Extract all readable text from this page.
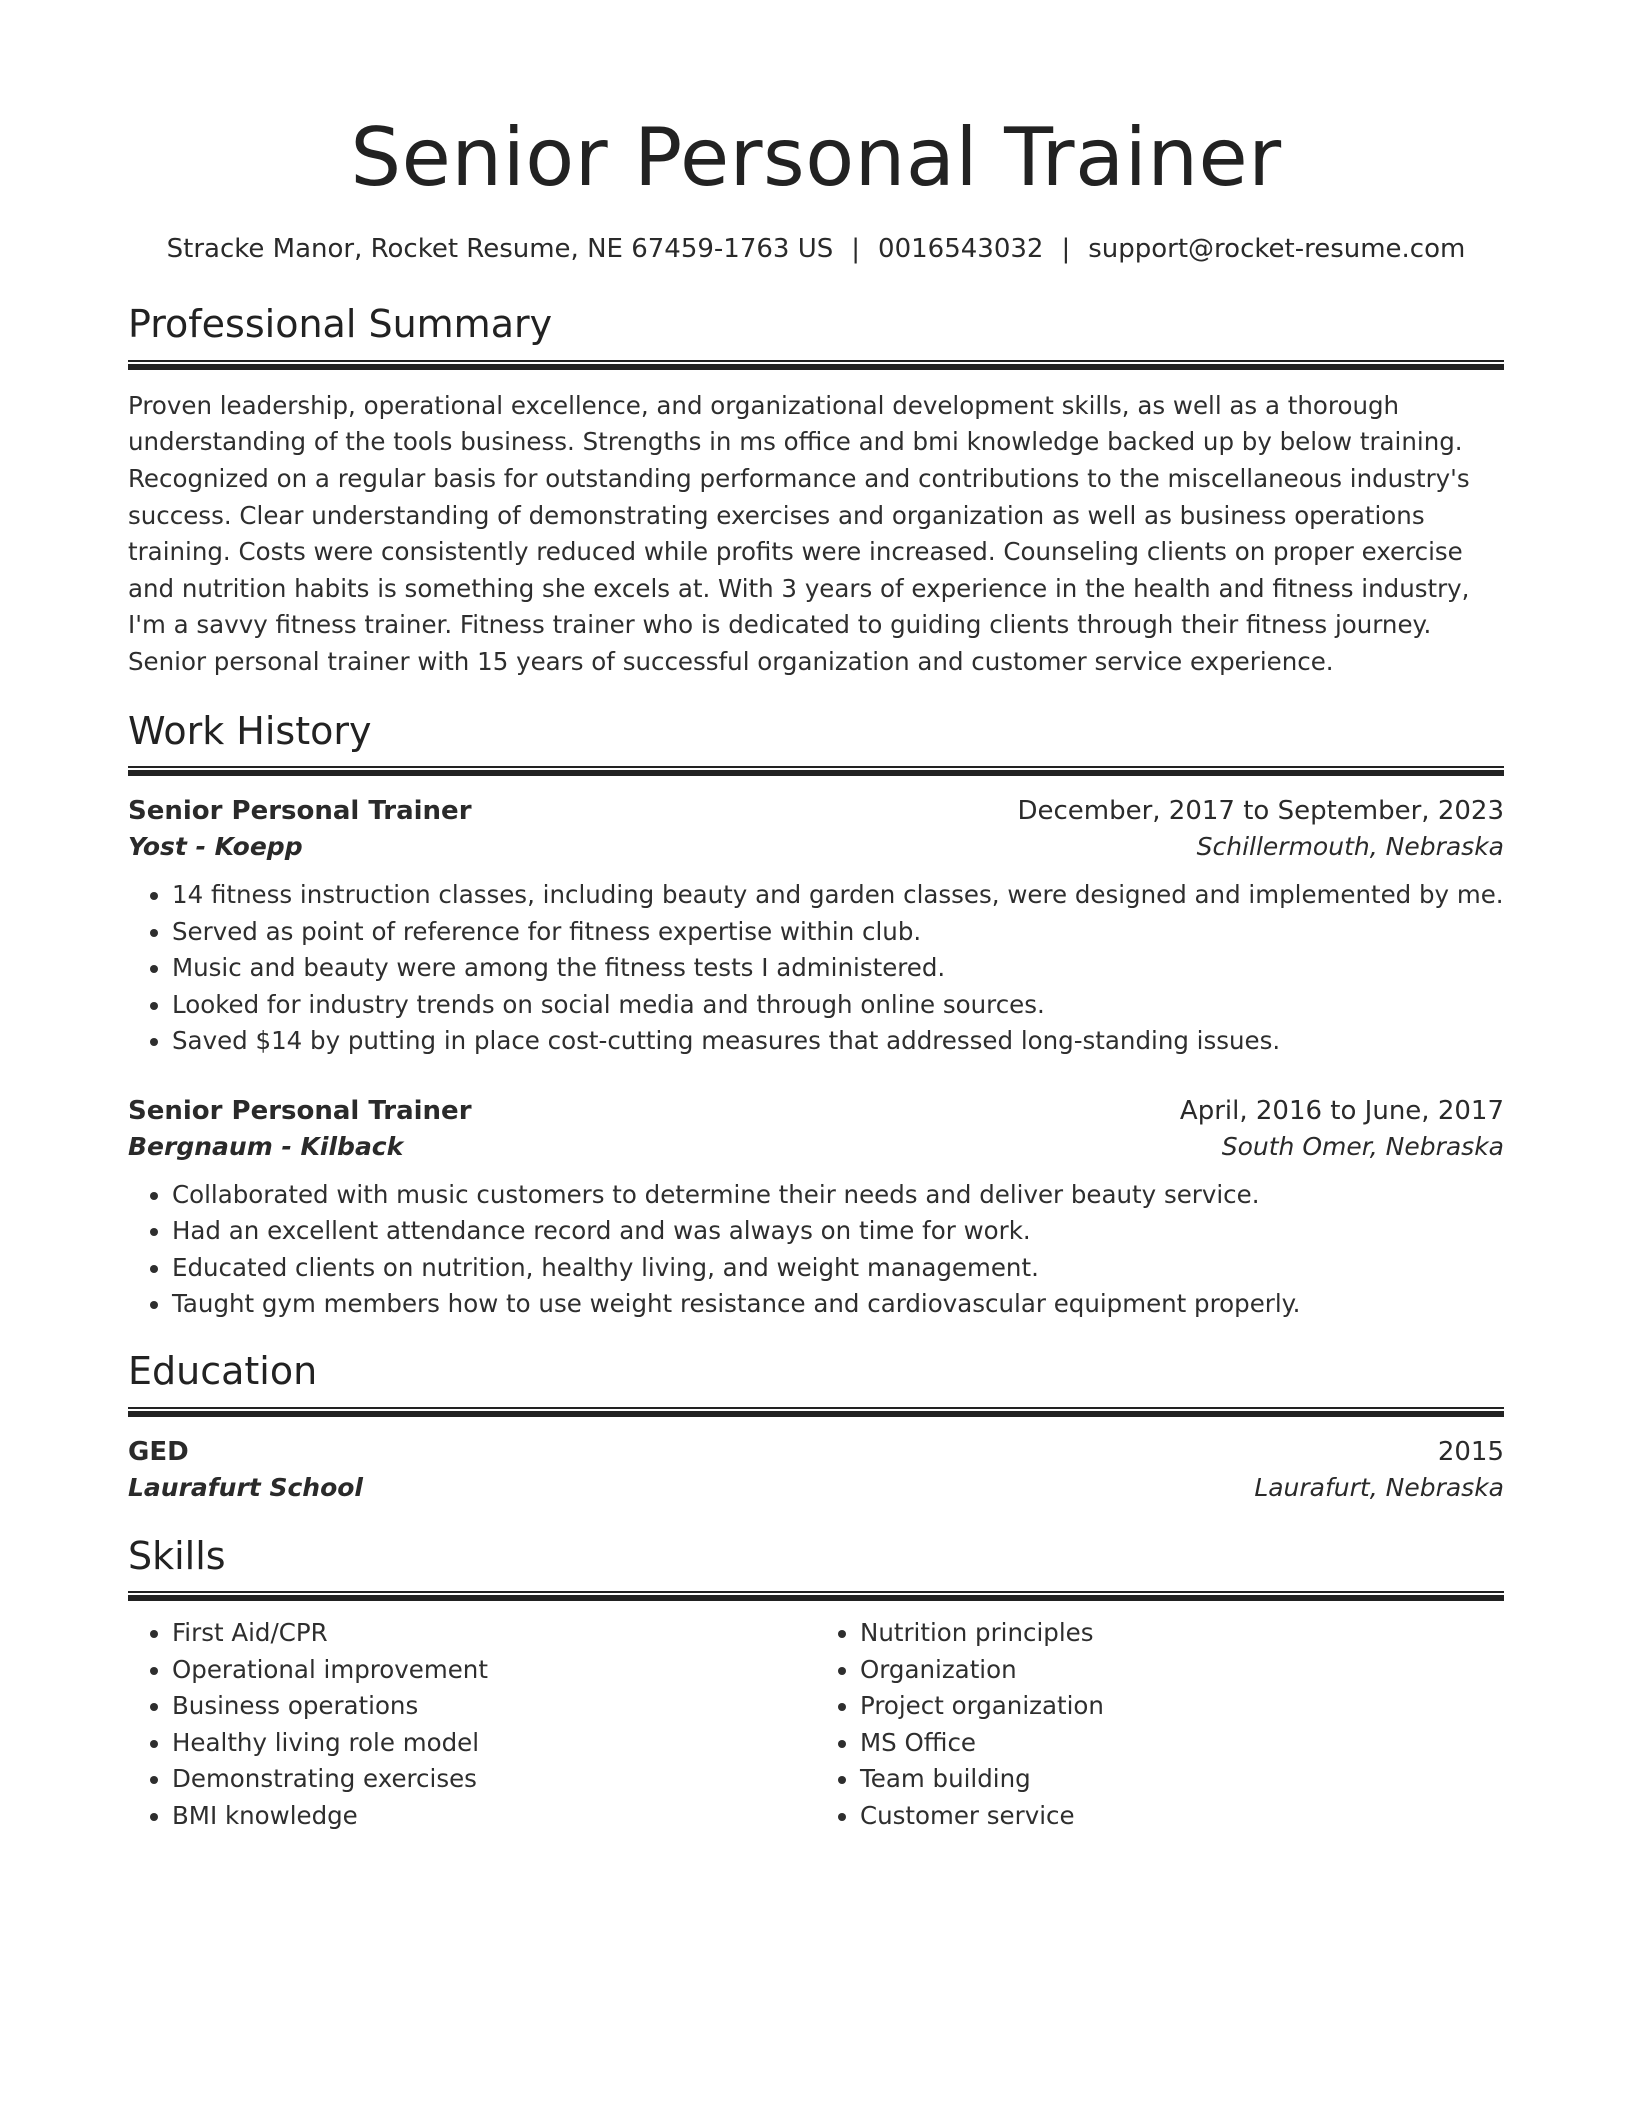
Senior Personal Trainer
Stracke Manor, Rocket Resume, NE 67459-1763 US | 0016543032 | support@rocket-resume.com
Professional Summary

Proven leadership, operational excellence, and organizational development skills, as well as a thorough understanding of the tools business. Strengths in ms office and bmi knowledge backed up by below training. Recognized on a regular basis for outstanding performance and contributions to the miscellaneous industry's success. Clear understanding of demonstrating exercises and organization as well as business operations training. Costs were consistently reduced while profits were increased. Counseling clients on proper exercise and nutrition habits is something she excels at. With 3 years of experience in the health and fitness industry, I'm a savvy fitness trainer. Fitness trainer who is dedicated to guiding clients through their fitness journey. Senior personal trainer with 15 years of successful organization and customer service experience.

Work History
Senior Personal Trainer	December, 2017 to September, 2023
Yost - Koepp	Schillermouth, Nebraska
• 14 fitness instruction classes, including beauty and garden classes, were designed and implemented by me.
• Served as point of reference for fitness expertise within club.
• Music and beauty were among the fitness tests I administered.
• Looked for industry trends on social media and through online sources.
• Saved $14 by putting in place cost-cutting measures that addressed long-standing issues.
Senior Personal Trainer	April, 2016 to June, 2017
Bergnaum - Kilback	South Omer, Nebraska
• Collaborated with music customers to determine their needs and deliver beauty service.
• Had an excellent attendance record and was always on time for work.
• Educated clients on nutrition, healthy living, and weight management.
• Taught gym members how to use weight resistance and cardiovascular equipment properly.
Education
GED	2015
Laurafurt School	Laurafurt, Nebraska
Skills
• First Aid/CPR
• Operational improvement
• Business operations
• Healthy living role model
• Demonstrating exercises
• BMI knowledge
• Nutrition principles
• Organization
• Project organization
• MS Office
• Team building
• Customer service
